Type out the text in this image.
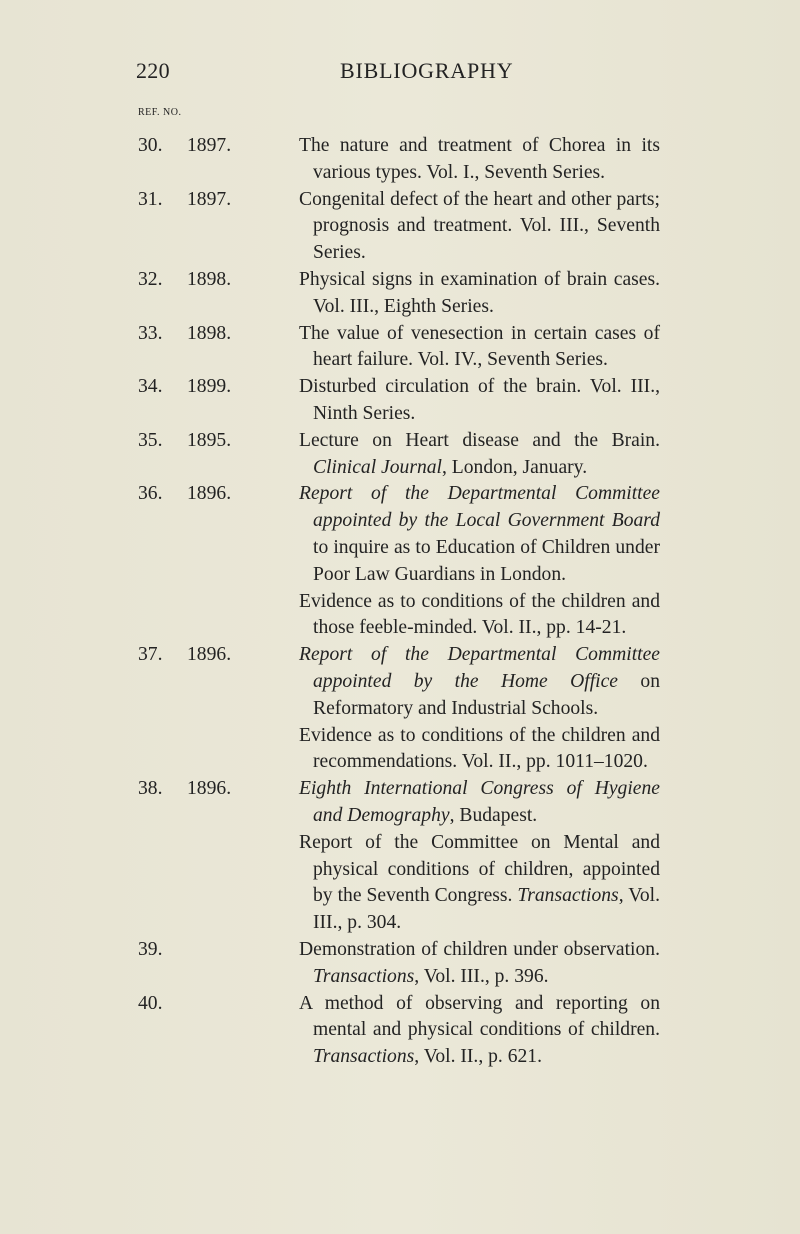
220	BIBLIOGRAPHY
REF. NO.
30. 1897.	The nature and treatment of Chorea in its various types. Vol. I., Seventh Series.

31. 1897.	Congenital defect of the heart and other parts; prognosis and treatment. Vol. III., Seventh Series.

32. 1898.	Physical signs in examination of brain cases. Vol. III., Eighth Series.

33. 1898.	The value of venesection in certain cases of heart failure. Vol. IV., Seventh Series.

34. 1899.	Disturbed circulation of the brain. Vol. III., Ninth Series.

35. 1895.	Lecture on Heart disease and the Brain. Clinical Journal, London, January.

36. 1896.	Report of the Departmental Committee appointed by the Local Government Board to inquire as to Education of Children under Poor Law Guardians in London.

Evidence as to conditions of the children and those feeble-minded. Vol. II., pp. 14-21.

37. 1896.	Report of the Departmental Committee appointed by the Home Office on Reformatory and Industrial Schools.

Evidence as to conditions of the children and recommendations. Vol. II., pp. 1011–1020.

38. 1896.	Eighth International Congress of Hygiene and Demography, Budapest.

Report of the Committee on Mental and physical conditions of children, appointed by the Seventh Congress. Transactions, Vol. III., p. 304.

39.	Demonstration of children under observation. Transactions, Vol. III., p. 396.

40.	A method of observing and reporting on mental and physical conditions of children. Transactions, Vol. II., p. 621.
